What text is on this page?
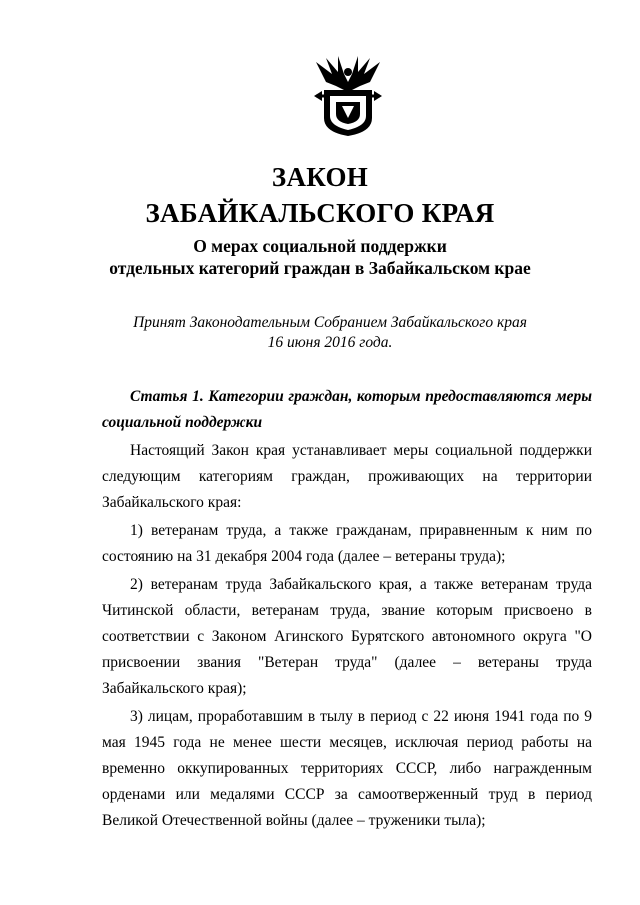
ЗАКОН
ЗАБАЙКАЛЬСКОГО КРАЯ
О мерах социальной поддержки
отдельных категорий граждан в Забайкальском крае
Принят Законодательным Собранием Забайкальского края
16 июня 2016 года.

Статья 1. Категории граждан, которым предоставляются меры социальной поддержки

Настоящий Закон края устанавливает меры социальной поддержки следующим категориям граждан, проживающих на территории Забайкальского края:

1) ветеранам труда, а также гражданам, приравненным к ним по состоянию на 31 декабря 2004 года (далее – ветераны труда);

2) ветеранам труда Забайкальского края, а также ветеранам труда Читинской области, ветеранам труда, звание которым присвоено в соответствии с Законом Агинского Бурятского автономного округа "О присвоении звания "Ветеран труда" (далее – ветераны труда Забайкальского края);

3) лицам, проработавшим в тылу в период с 22 июня 1941 года по 9 мая 1945 года не менее шести месяцев, исключая период работы на временно оккупированных территориях СССР, либо награжденным орденами или медалями СССР за самоотверженный труд в период Великой Отечественной войны (далее – труженики тыла);
